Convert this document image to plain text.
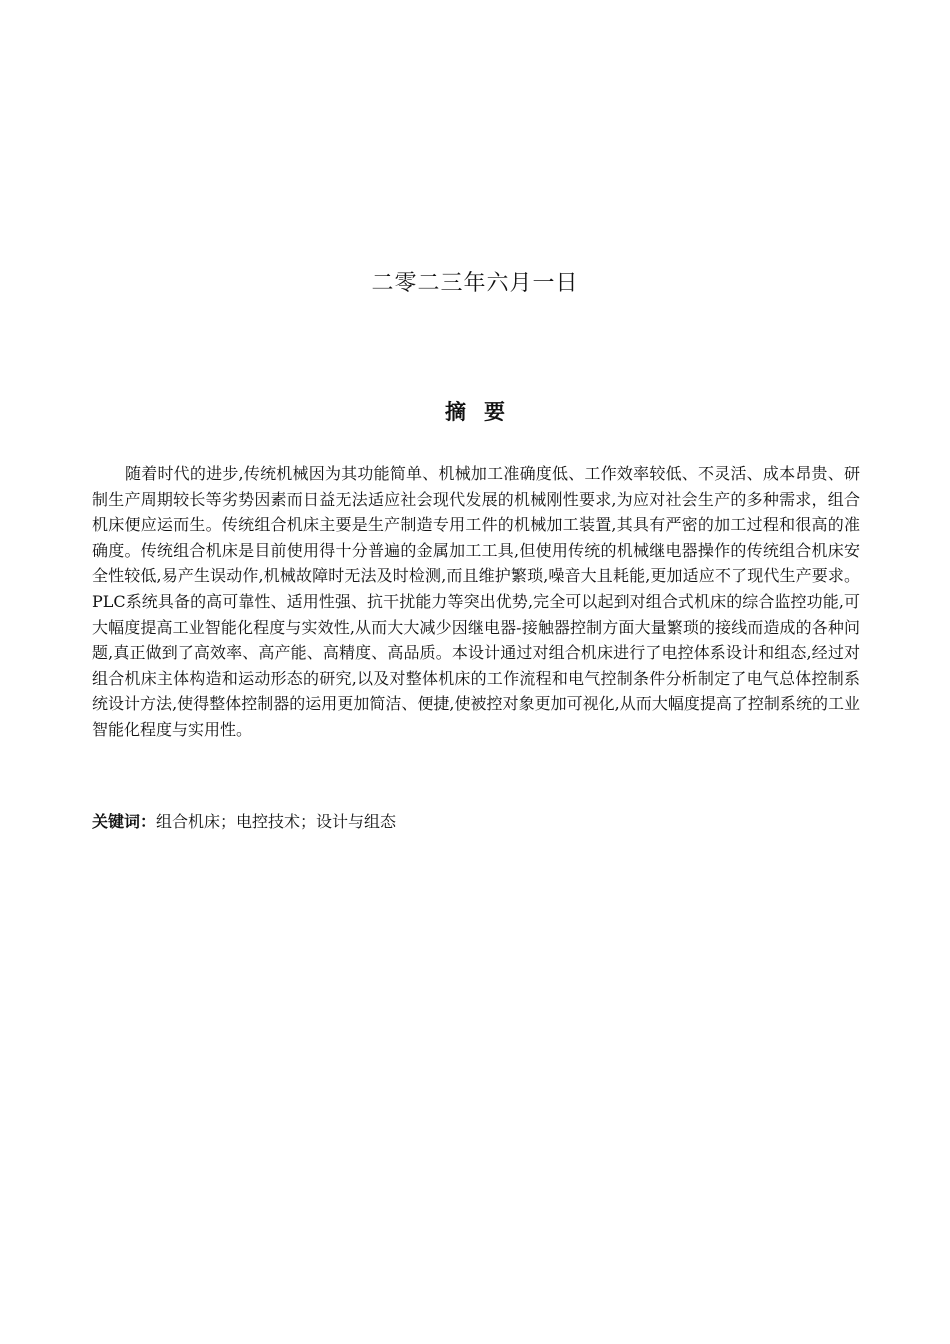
二零二三年六月一日
摘要

随着时代的进步,传统机械因为其功能简单、机械加工准确度低、工作效率较低、不灵活、成本昂贵、研制生产周期较长等劣势因素而日益无法适应社会现代发展的机械刚性要求,为应对社会生产的多种需求，组合机床便应运而生。传统组合机床主要是生产制造专用工件的机械加工装置,其具有严密的加工过程和很高的准确度。传统组合机床是目前使用得十分普遍的金属加工工具,但使用传统的机械继电器操作的传统组合机床安全性较低,易产生误动作,机械故障时无法及时检测,而且维护繁琐,噪音大且耗能,更加适应不了现代生产要求。PLC系统具备的高可靠性、适用性强、抗干扰能力等突出优势,完全可以起到对组合式机床的综合监控功能,可大幅度提高工业智能化程度与实效性,从而大大减少因继电器-接触器控制方面大量繁琐的接线而造成的各种问题,真正做到了高效率、高产能、高精度、高品质。本设计通过对组合机床进行了电控体系设计和组态,经过对组合机床主体构造和运动形态的研究,以及对整体机床的工作流程和电气控制条件分析制定了电气总体控制系统设计方法,使得整体控制器的运用更加简洁、便捷,使被控对象更加可视化,从而大幅度提高了控制系统的工业智能化程度与实用性。

关键词：组合机床；电控技术；设计与组态
